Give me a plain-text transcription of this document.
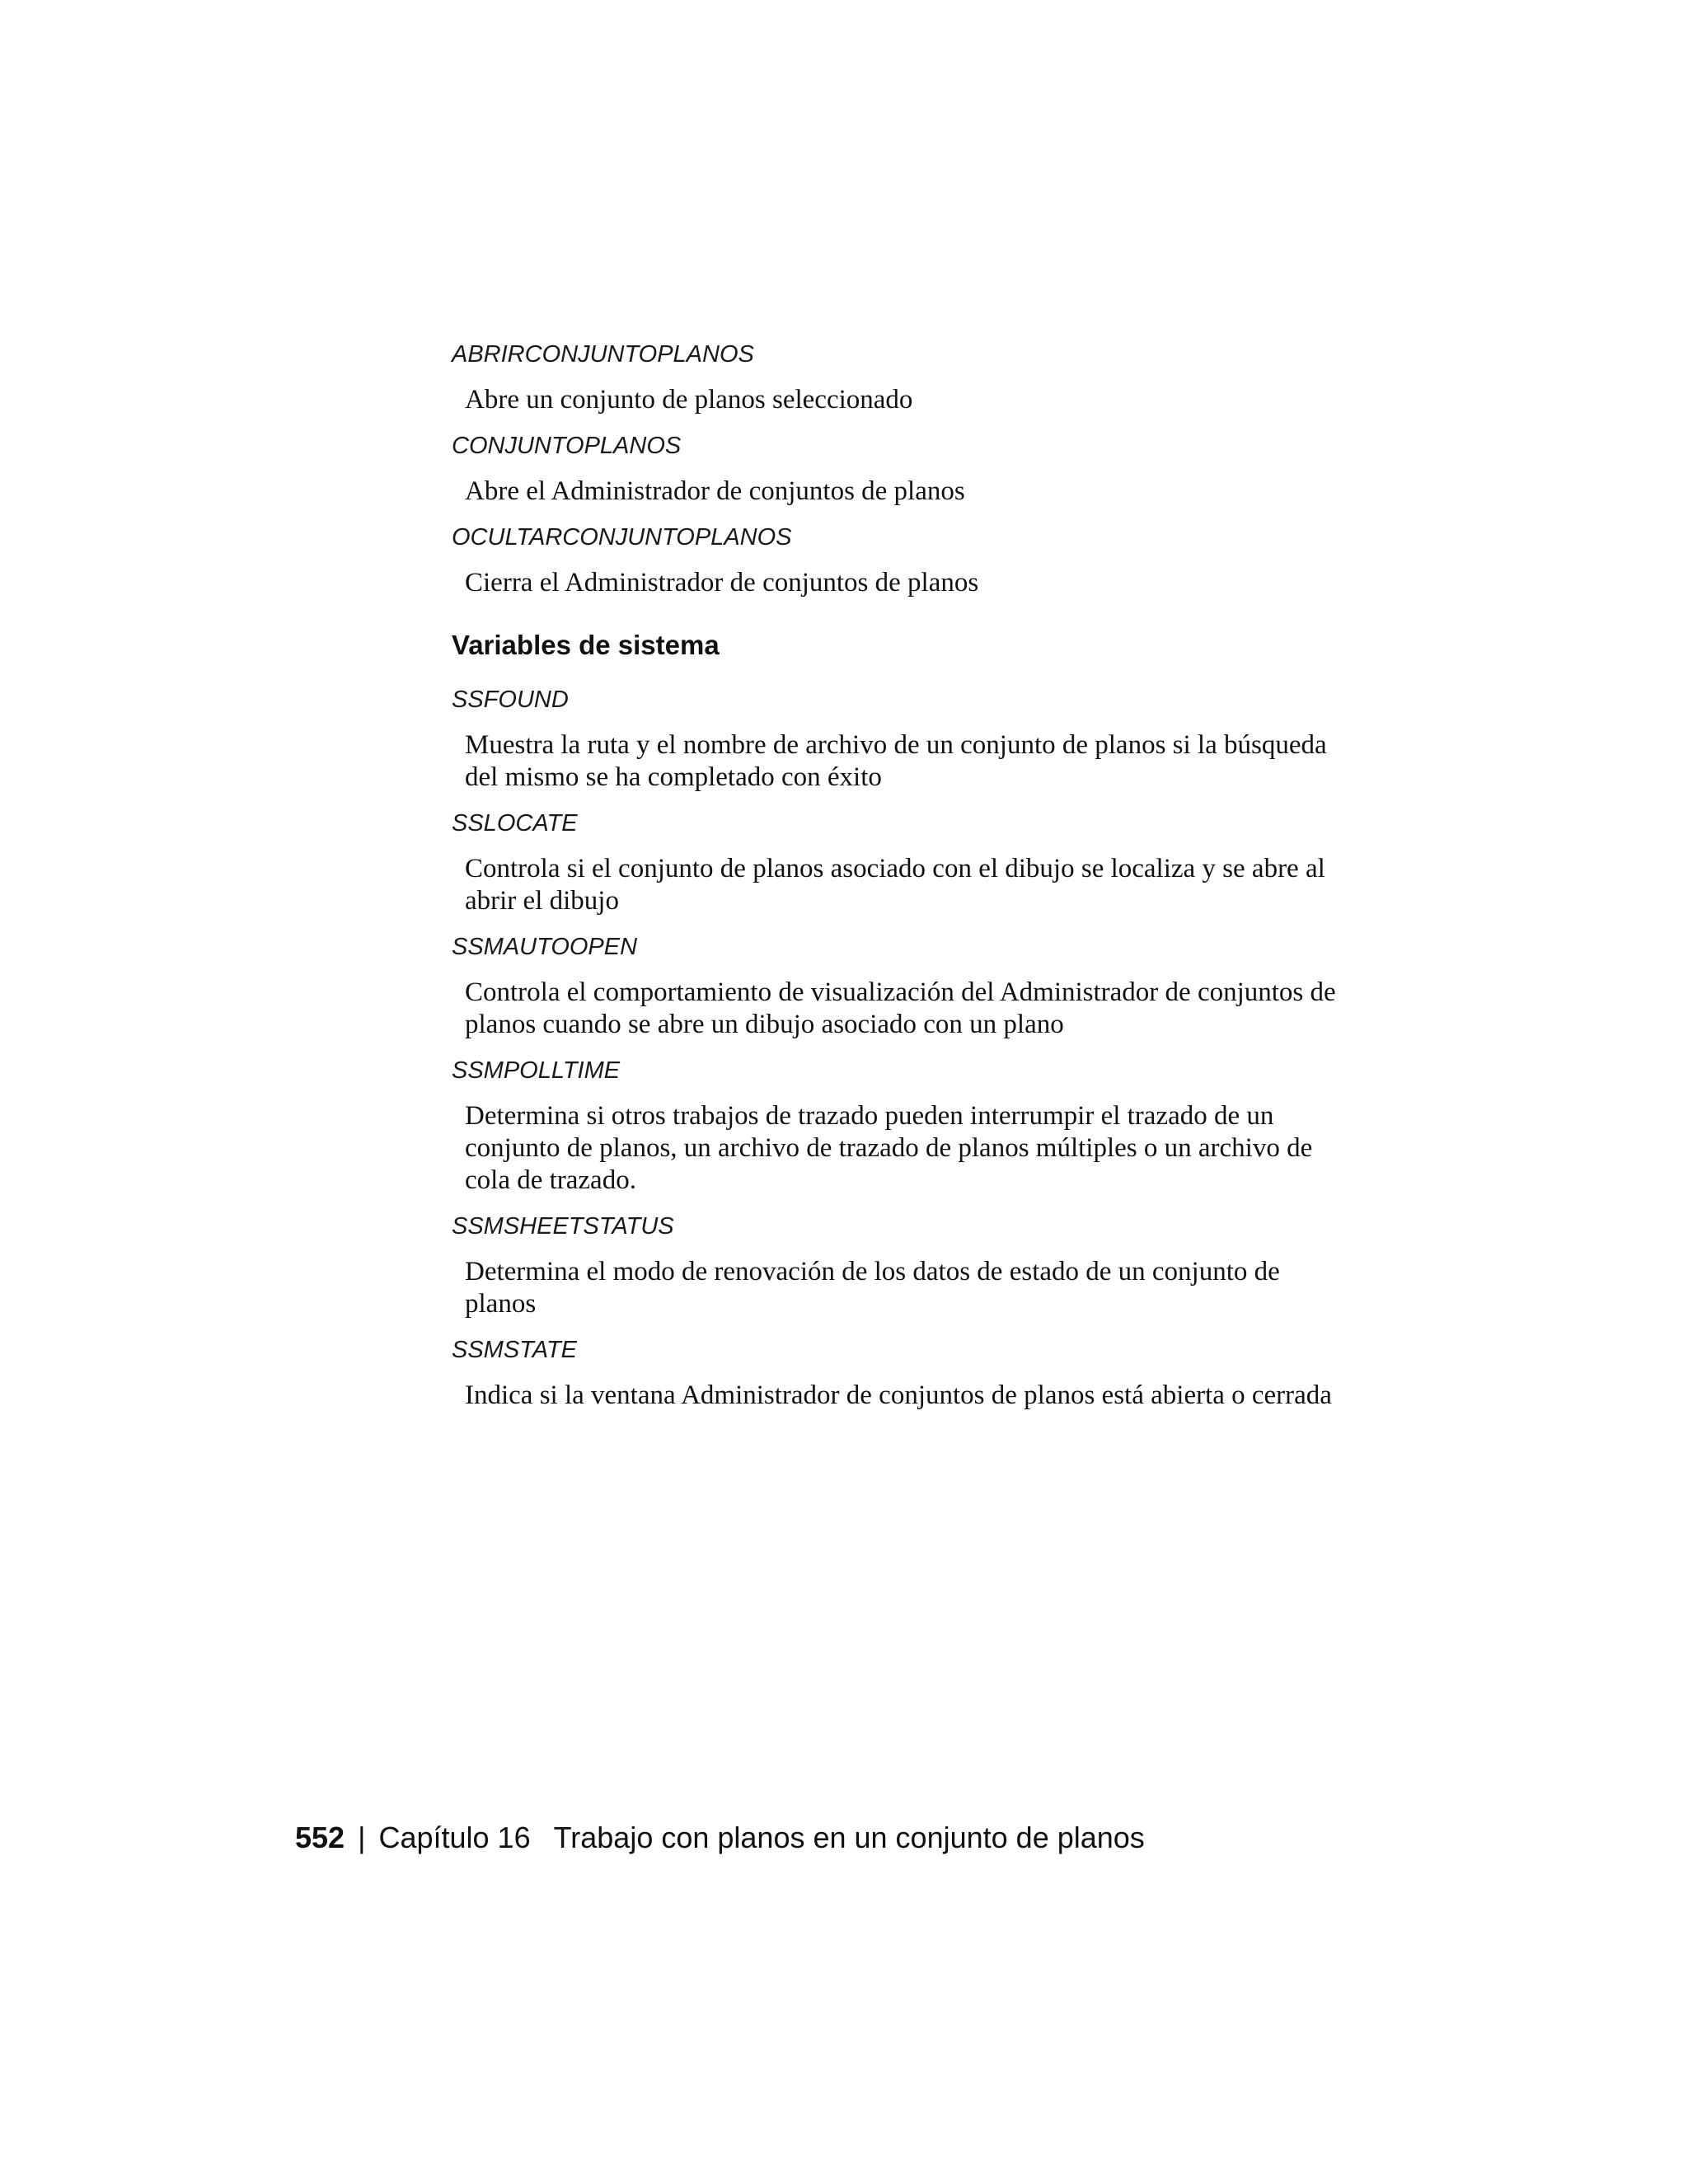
ABRIRCONJUNTOPLANOS

Abre un conjunto de planos seleccionado

CONJUNTOPLANOS

Abre el Administrador de conjuntos de planos

OCULTARCONJUNTOPLANOS

Cierra el Administrador de conjuntos de planos

Variables de sistema

SSFOUND

Muestra la ruta y el nombre de archivo de un conjunto de planos si la búsqueda del mismo se ha completado con éxito

SSLOCATE

Controla si el conjunto de planos asociado con el dibujo se localiza y se abre al abrir el dibujo

SSMAUTOOPEN

Controla el comportamiento de visualización del Administrador de conjuntos de planos cuando se abre un dibujo asociado con un plano

SSMPOLLTIME

Determina si otros trabajos de trazado pueden interrumpir el trazado de un conjunto de planos, un archivo de trazado de planos múltiples o un archivo de cola de trazado.

SSMSHEETSTATUS

Determina el modo de renovación de los datos de estado de un conjunto de planos

SSMSTATE

Indica si la ventana Administrador de conjuntos de planos está abierta o cerrada

552 | Capítulo 16 Trabajo con planos en un conjunto de planos
